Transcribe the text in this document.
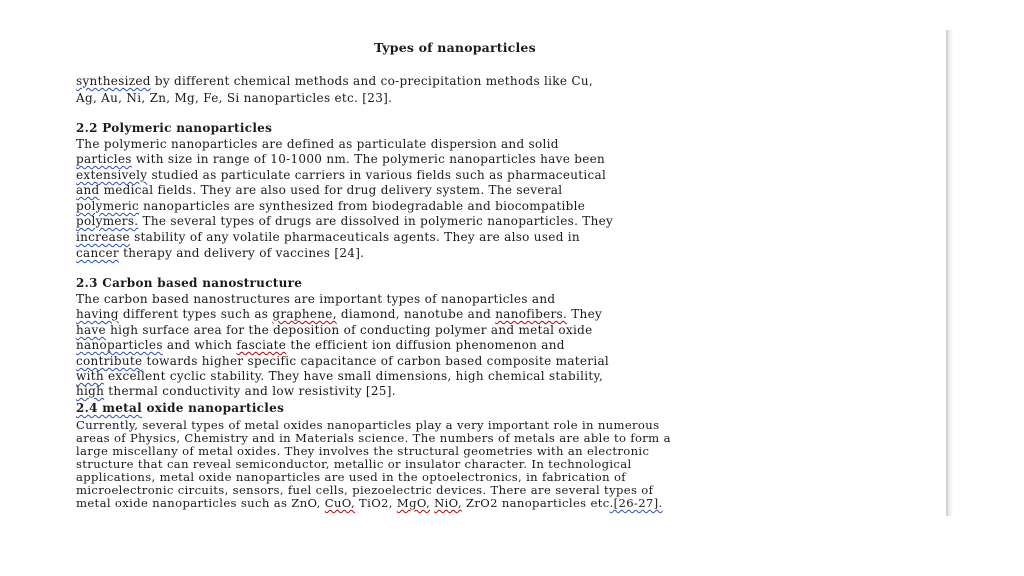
Types of nanoparticles
synthesized by different chemical methods and co-precipitation methods like Cu,
Ag, Au, Ni, Zn, Mg, Fe, Si nanoparticles etc. [23].
2.2 Polymeric nanoparticles
The polymeric nanoparticles are defined as particulate dispersion and solid
particles with size in range of 10-1000 nm. The polymeric nanoparticles have been
extensively studied as particulate carriers in various fields such as pharmaceutical
and medical fields. They are also used for drug delivery system. The several
polymeric nanoparticles are synthesized from biodegradable and biocompatible
polymers. The several types of drugs are dissolved in polymeric nanoparticles. They
increase stability of any volatile pharmaceuticals agents. They are also used in
cancer therapy and delivery of vaccines [24].
2.3 Carbon based nanostructure
The carbon based nanostructures are important types of nanoparticles and
having different types such as graphene, diamond, nanotube and nanofibers. They
have high surface area for the deposition of conducting polymer and metal oxide
nanoparticles and which fasciate the efficient ion diffusion phenomenon and
contribute towards higher specific capacitance of carbon based composite material
with excellent cyclic stability. They have small dimensions, high chemical stability,
high thermal conductivity and low resistivity [25].
2.4 metal oxide nanoparticles
Currently, several types of metal oxides nanoparticles play a very important role in numerous
areas of Physics, Chemistry and in Materials science. The numbers of metals are able to form a
large miscellany of metal oxides. They involves the structural geometries with an electronic
structure that can reveal semiconductor, metallic or insulator character. In technological
applications, metal oxide nanoparticles are used in the optoelectronics, in fabrication of
microelectronic circuits, sensors, fuel cells, piezoelectric devices. There are several types of
metal oxide nanoparticles such as ZnO, CuO, TiO2, MgO, NiO, ZrO2 nanoparticles etc.[26-27].
